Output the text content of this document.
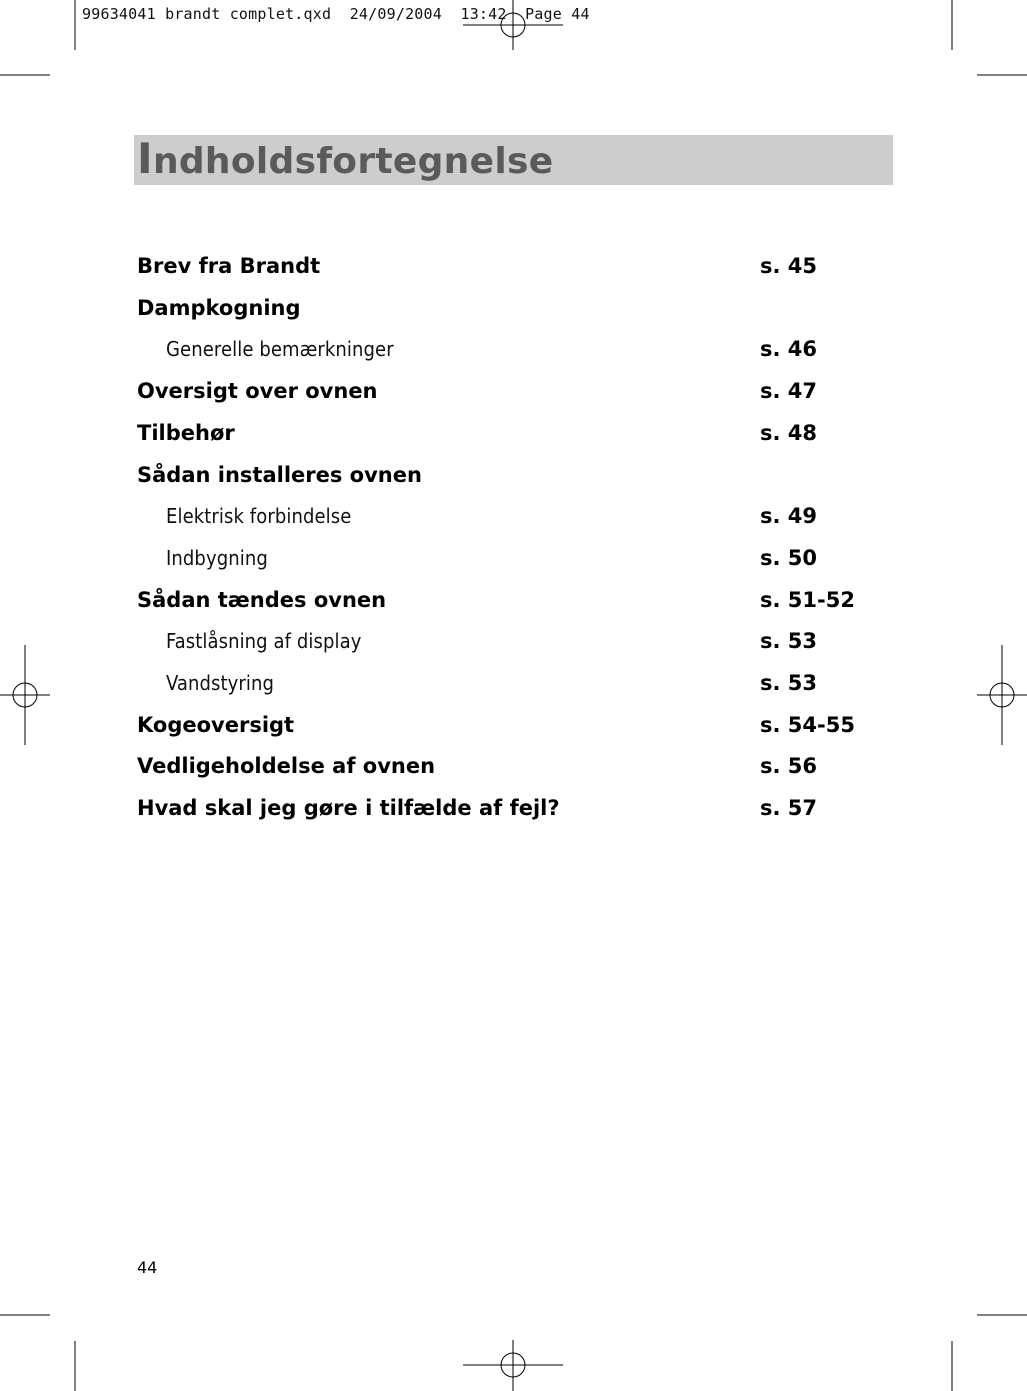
99634041 brandt complet.qxd  24/09/2004  13:42  Page 44
Indholdsfortegnelse
Brev fra Brandt	s. 45
Dampkogning
Generelle bemærkninger	s. 46
Oversigt over ovnen	s. 47
Tilbehør	s. 48
Sådan installeres ovnen
Elektrisk forbindelse	s. 49
Indbygning	s. 50
Sådan tændes ovnen	s. 51-52
Fastlåsning af display	s. 53
Vandstyring	s. 53
Kogeoversigt	s. 54-55
Vedligeholdelse af ovnen	s. 56
Hvad skal jeg gøre i tilfælde af fejl?	s. 57
44
